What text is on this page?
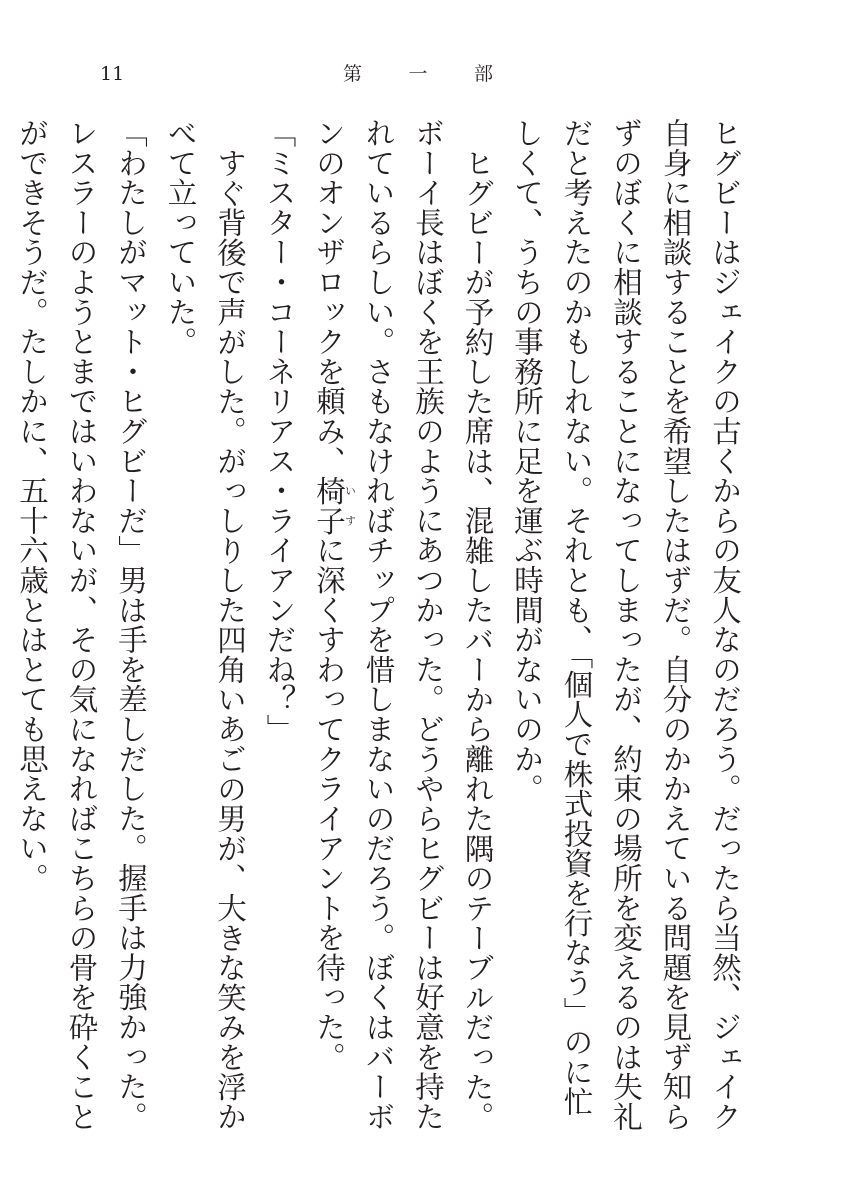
11	第 一 部

ヒグビーはジェイクの古くからの友人なのだろう。だったら当然、ジェイク自身に相談することを希望したはずだ。自分のかかえている問題を見ず知らずのぼくに相談することになってしまったが、約束の場所を変えるのは失礼だと考えたのかもしれない。それとも、「個人で株式投資を行なう」のに忙しくて、うちの事務所に足を運ぶ時間がないのか。

ヒグビーが予約した席は、混雑したバーから離れた隅のテーブルだった。ボーイ長はぼくを王族のようにあつかった。どうやらヒグビーは好意を持たれているらしい。さもなければチップを惜しまないのだろう。ぼくはバーボンのオンザロックを頼み、椅子いすに深くすわってクライアントを待った。

「ミスター・コーネリアス・ライアンだね？」

すぐ背後で声がした。がっしりした四角いあごの男が、大きな笑みを浮かべて立っていた。

「わたしがマット・ヒグビーだ」男は手を差しだした。握手は力強かった。レスラーのようとまではいわないが、その気になればこちらの骨を砕くことができそうだ。たしかに、五十六歳とはとても思えない。
